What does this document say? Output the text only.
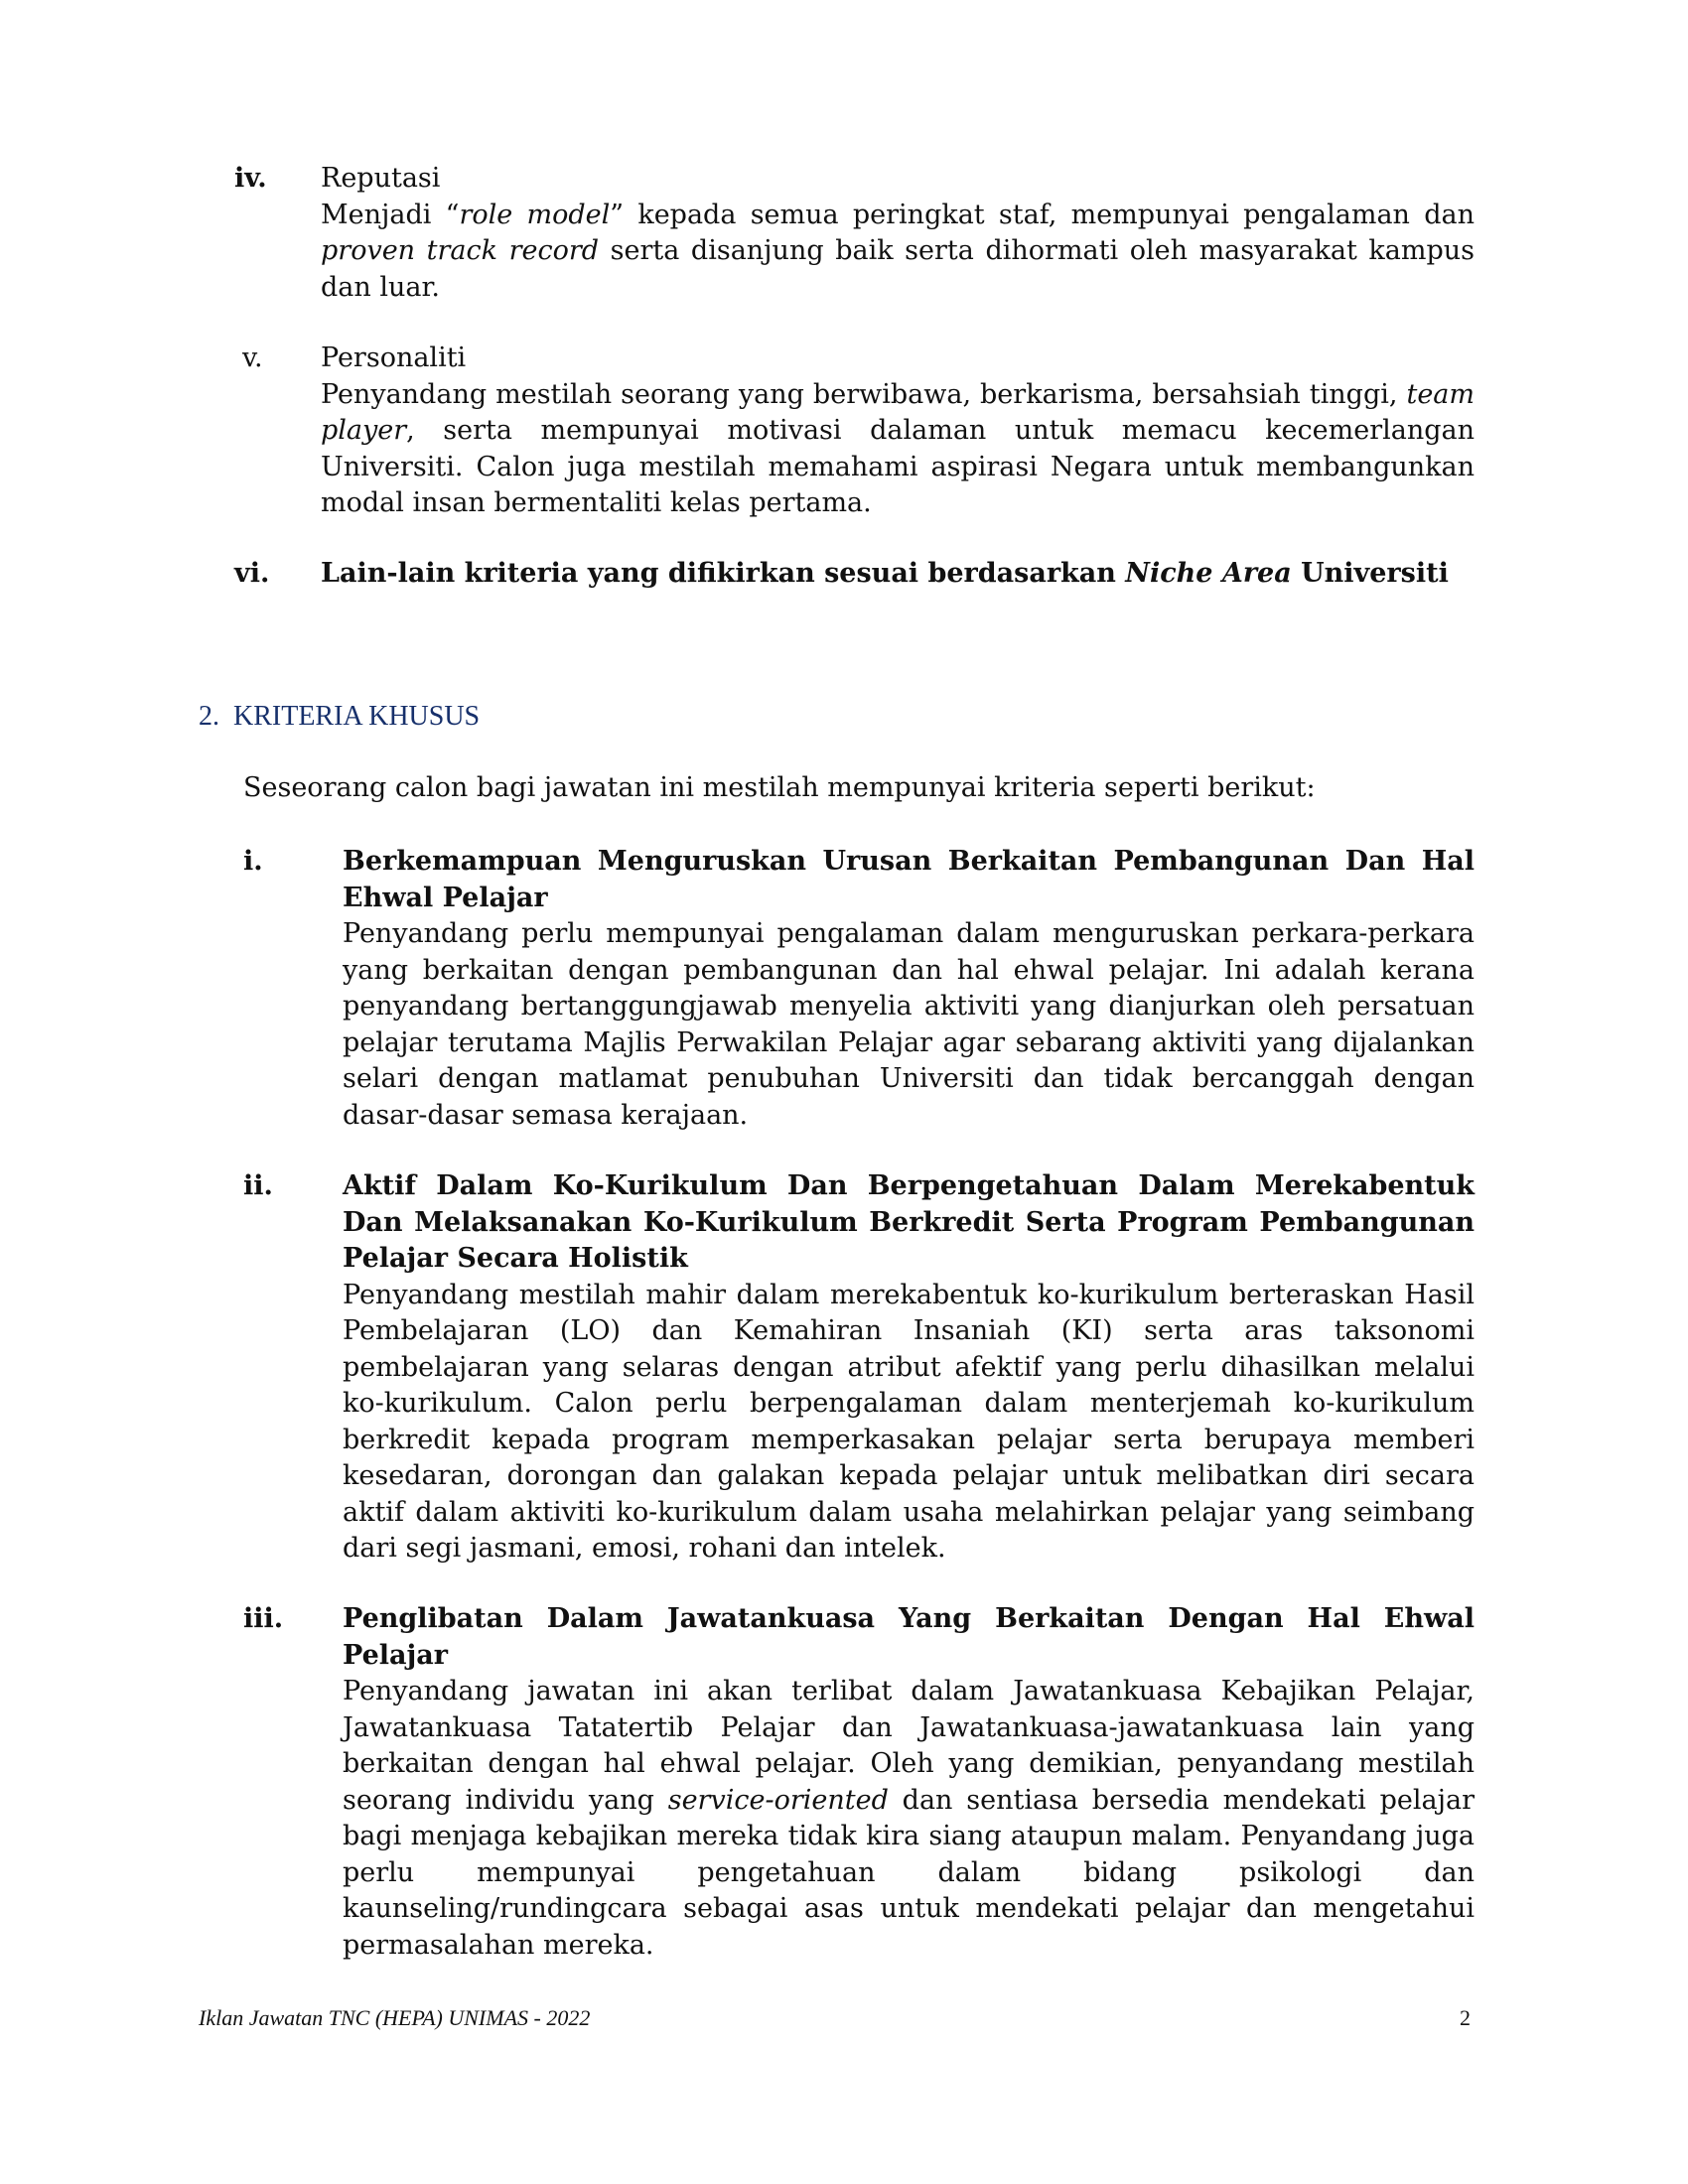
iv. Reputasi
Menjadi “role model” kepada semua peringkat staf, mempunyai pengalaman dan proven track record serta disanjung baik serta dihormati oleh masyarakat kampus dan luar.
v. Personaliti
Penyandang mestilah seorang yang berwibawa, berkarisma, bersahsiah tinggi, team player, serta mempunyai motivasi dalaman untuk memacu kecemerlangan Universiti. Calon juga mestilah memahami aspirasi Negara untuk membangunkan modal insan bermentaliti kelas pertama.
vi. Lain-lain kriteria yang difikirkan sesuai berdasarkan Niche Area Universiti
2. KRITERIA KHUSUS
Seseorang calon bagi jawatan ini mestilah mempunyai kriteria seperti berikut:
i.	Berkemampuan Menguruskan Urusan Berkaitan Pembangunan Dan Hal Ehwal Pelajar
Penyandang perlu mempunyai pengalaman dalam menguruskan perkara-perkara yang berkaitan dengan pembangunan dan hal ehwal pelajar. Ini adalah kerana penyandang bertanggungjawab menyelia aktiviti yang dianjurkan oleh persatuan pelajar terutama Majlis Perwakilan Pelajar agar sebarang aktiviti yang dijalankan selari dengan matlamat penubuhan Universiti dan tidak bercanggah dengan dasar-dasar semasa kerajaan.
ii.	Aktif Dalam Ko-Kurikulum Dan Berpengetahuan Dalam Merekabentuk Dan Melaksanakan Ko-Kurikulum Berkredit Serta Program Pembangunan Pelajar Secara Holistik
Penyandang mestilah mahir dalam merekabentuk ko-kurikulum berteraskan Hasil Pembelajaran (LO) dan Kemahiran Insaniah (KI) serta aras taksonomi pembelajaran yang selaras dengan atribut afektif yang perlu dihasilkan melalui ko-kurikulum. Calon perlu berpengalaman dalam menterjemah ko-kurikulum berkredit kepada program memperkasakan pelajar serta berupaya memberi kesedaran, dorongan dan galakan kepada pelajar untuk melibatkan diri secara aktif dalam aktiviti ko-kurikulum dalam usaha melahirkan pelajar yang seimbang dari segi jasmani, emosi, rohani dan intelek.
iii. Penglibatan Dalam Jawatankuasa Yang Berkaitan Dengan Hal Ehwal Pelajar
Penyandang jawatan ini akan terlibat dalam Jawatankuasa Kebajikan Pelajar, Jawatankuasa Tatatertib Pelajar dan Jawatankuasa-jawatankuasa lain yang berkaitan dengan hal ehwal pelajar. Oleh yang demikian, penyandang mestilah seorang individu yang service-oriented dan sentiasa bersedia mendekati pelajar bagi menjaga kebajikan mereka tidak kira siang ataupun malam. Penyandang juga perlu mempunyai pengetahuan dalam bidang psikologi dan kaunseling/rundingcara sebagai asas untuk mendekati pelajar dan mengetahui permasalahan mereka.
Iklan Jawatan TNC (HEPA) UNIMAS - 2022	2
